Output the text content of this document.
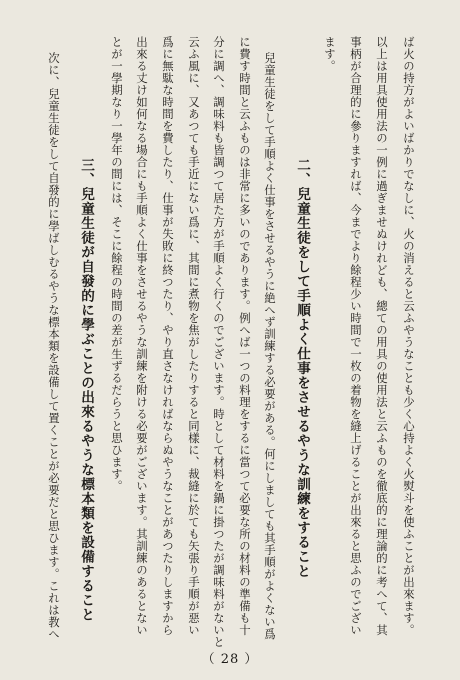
ば火の持方がよいばかりでなしに、火の消えると云ふやうなことも少く心持よく火熨斗を使ふことが出來ます。
以上は用具使用法の一例に過ぎませぬけれども、總ての用具の使用法と云ふものを徹底的に理論的に考へて、其
事柄が合理的に參りますれば、今までより餘程少い時間で一枚の着物を縫上げることが出來ると思ふのでござい
ます。
二、兒童生徒をして手順よく仕事をさせるやうな訓練をすること
兒童生徒をして手順よく仕事をさせるやうに絶へず訓練する必要がある。何にしましても其手順がよくない爲
に費す時間と云ふものは非常に多いのであります。例へば一つの料理をするに當つて必要な所の材料の準備も十
分に調へ、調味料も皆調つて居た方が手順よく行くのでございます。時として材料を鍋に掛つたが調味料がないと
云ふ風に、又あつても手近にない爲に、其間に煮物を焦がしたりすると同樣に、裁縫に於ても矢張り手順が惡い
爲に無駄な時間を費したり、仕事が失敗に終つたり、やり直さなければならぬやうなことがあつたりしますから
出來る丈け如何なる場合にも手順よく仕事をさせるやうな訓練を附ける必要がございます。其訓練のあるとない
とが一學期なり一學年の間には、そこに餘程の時間の差が生ずるだらうと思ひます。
三、兒童生徒が自發的に學ぶことの出來るやうな標本類を設備すること
次に、兒童生徒をして自發的に學ばしむるやうな標本類を設備して置くことが必要だと思ひます。これは教へ
（ 28 ）
